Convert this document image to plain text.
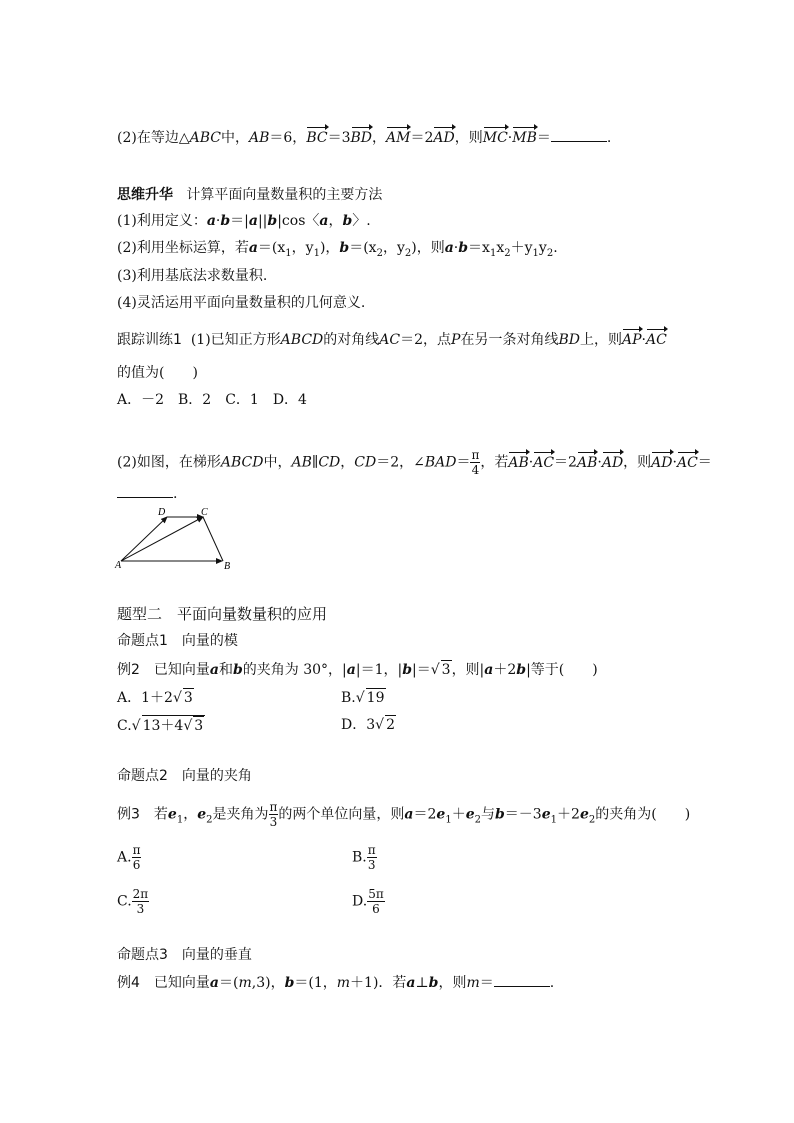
(2)在等边△ABC中，AB＝6，BC＝3BD，AM＝2AD，则MC·MB＝	.
思维升华 计算平面向量数量积的主要方法
(1)利用定义：a·b＝|a||b|cos〈a，b〉.
(2)利用坐标运算，若$a=(x_1$，$y_1$)，$b=(x_2$，$y_2$)，则$a\cdot b=x_1x_2+y_1y_2$.
(3)利用基底法求数量积.
(4)灵活运用平面向量数量积的几何意义.
跟踪训练1 (1)已知正方形ABCD的对角线AC＝2，点P在另一条对角线BD上，则AP·AC
的值为(　　)
A．－2　B．2　C．1　D．4
(2)如图，在梯形ABCD中，AB∥CD，CD＝2，∠BAD＝ $\frac{\pi}{4}$ ，若AB·AC＝2AB·AD，则AD·AC＝
.
A	B
C
D
题型二　平面向量数量积的应用
命题点1　向量的模
例2　已知向量a和b的夹角为 30°，|a|＝1，|b|＝√ 3，则|a＋2b|等于(　　)
A．1＋2√ 3	B.√ 19
C.√ 13＋4√ 3	D．3√ 2
命题点2　向量的夹角
例3　若$e_1$，$e_2$是夹角为 $\frac{\pi}{3}$ 的两个单位向量，则$a=2e_1+e_2$与$b=-3e_1+2e_2$的夹角为(　　)
A. $\frac{\pi}{6}$	B. $\frac{\pi}{3}$
C. $\frac{2\pi}{3}$	D. $\frac{5\pi}{6}$
命题点3　向量的垂直
例4　已知向量a＝(m,3)，b＝(1，m＋1)．若a⊥b，则m＝	.
